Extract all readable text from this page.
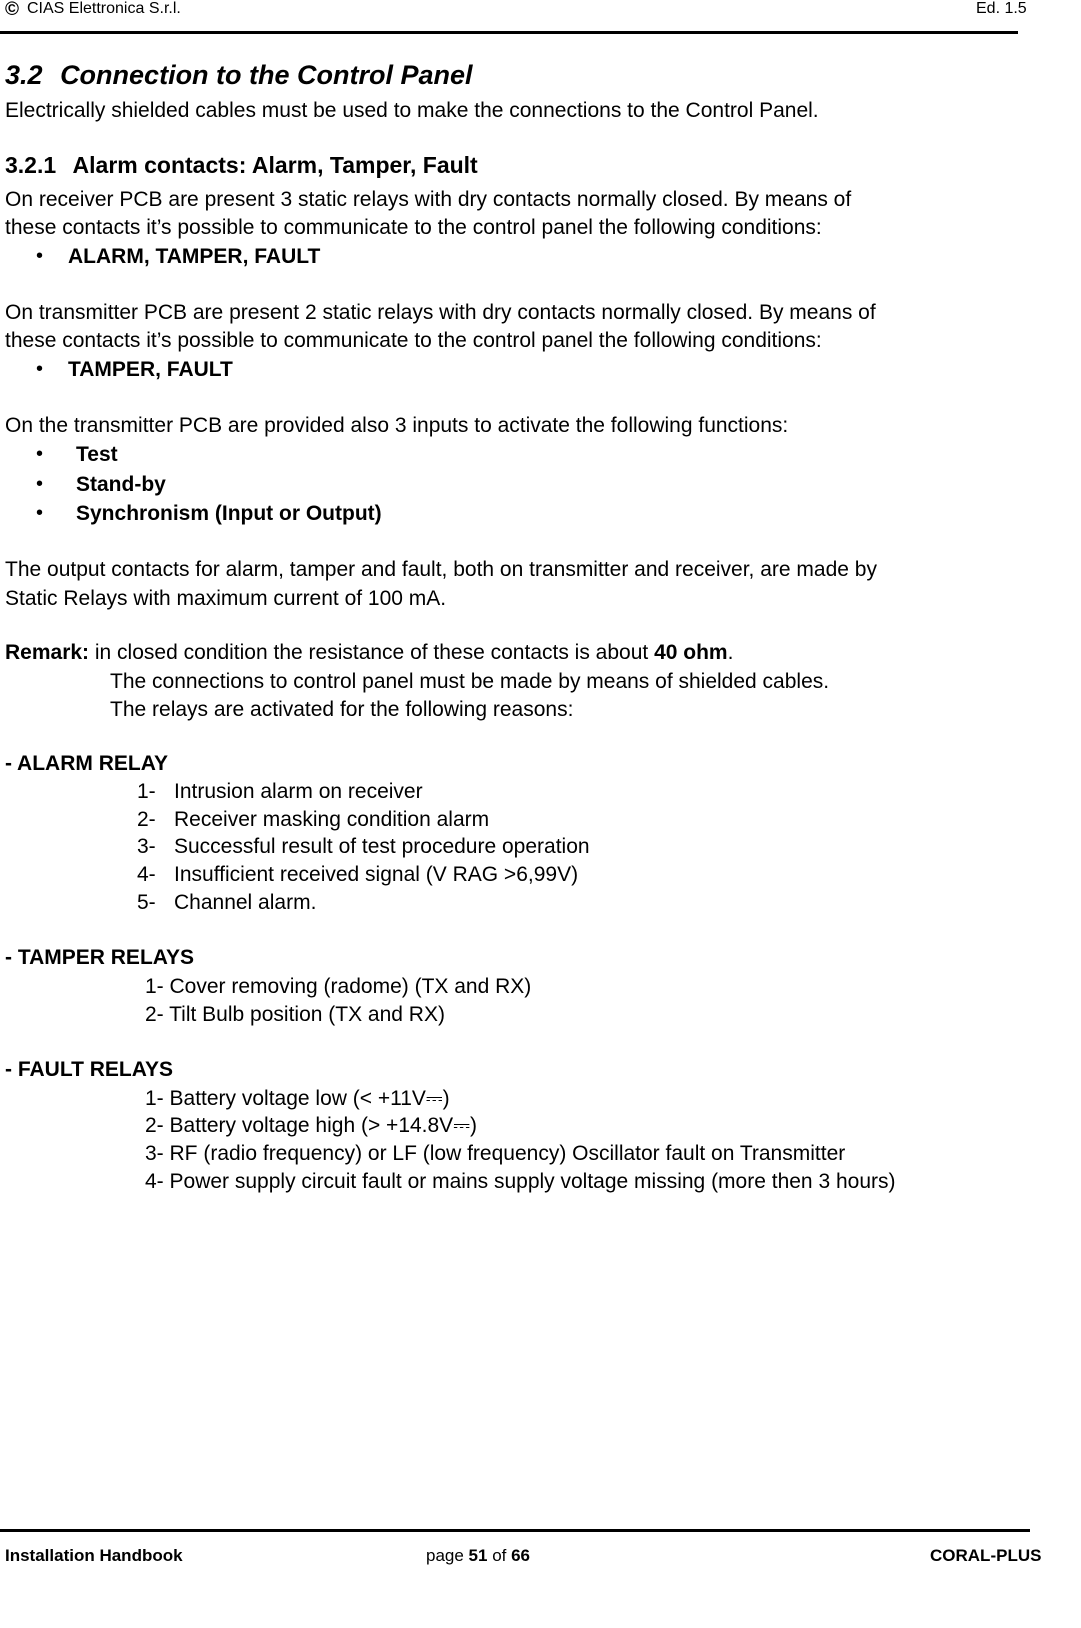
© CIAS Elettronica S.r.l.	Ed. 1.5
3.2 Connection to the Control Panel
Electrically shielded cables must be used to make the connections to the Control Panel.
3.2.1 Alarm contacts: Alarm, Tamper, Fault
On receiver PCB are present 3 static relays with dry contacts normally closed. By means of
these contacts it’s possible to communicate to the control panel the following conditions:
• ALARM, TAMPER, FAULT
On transmitter PCB are present 2 static relays with dry contacts normally closed. By means of
these contacts it’s possible to communicate to the control panel the following conditions:
• TAMPER, FAULT
On the transmitter PCB are provided also 3 inputs to activate the following functions:
• Test
• Stand-by
• Synchronism (Input or Output)
The output contacts for alarm, tamper and fault, both on transmitter and receiver, are made by
Static Relays with maximum current of 100 mA.
Remark: in closed condition the resistance of these contacts is about 40 ohm.
The connections to control panel must be made by means of shielded cables.
The relays are activated for the following reasons:
- ALARM RELAY
1- Intrusion alarm on receiver
2- Receiver masking condition alarm
3- Successful result of test procedure operation
4- Insufficient received signal (V RAG >6,99V)
5- Channel alarm.
- TAMPER RELAYS
1- Cover removing (radome) (TX and RX)
2- Tilt Bulb position (TX and RX)
- FAULT RELAYS
1- Battery voltage low (< +11V⎓)
2- Battery voltage high (> +14.8V⎓)
3- RF (radio frequency) or LF (low frequency) Oscillator fault on Transmitter
4- Power supply circuit fault or mains supply voltage missing (more then 3 hours)
Installation Handbook	page 51 of 66	CORAL-PLUS
